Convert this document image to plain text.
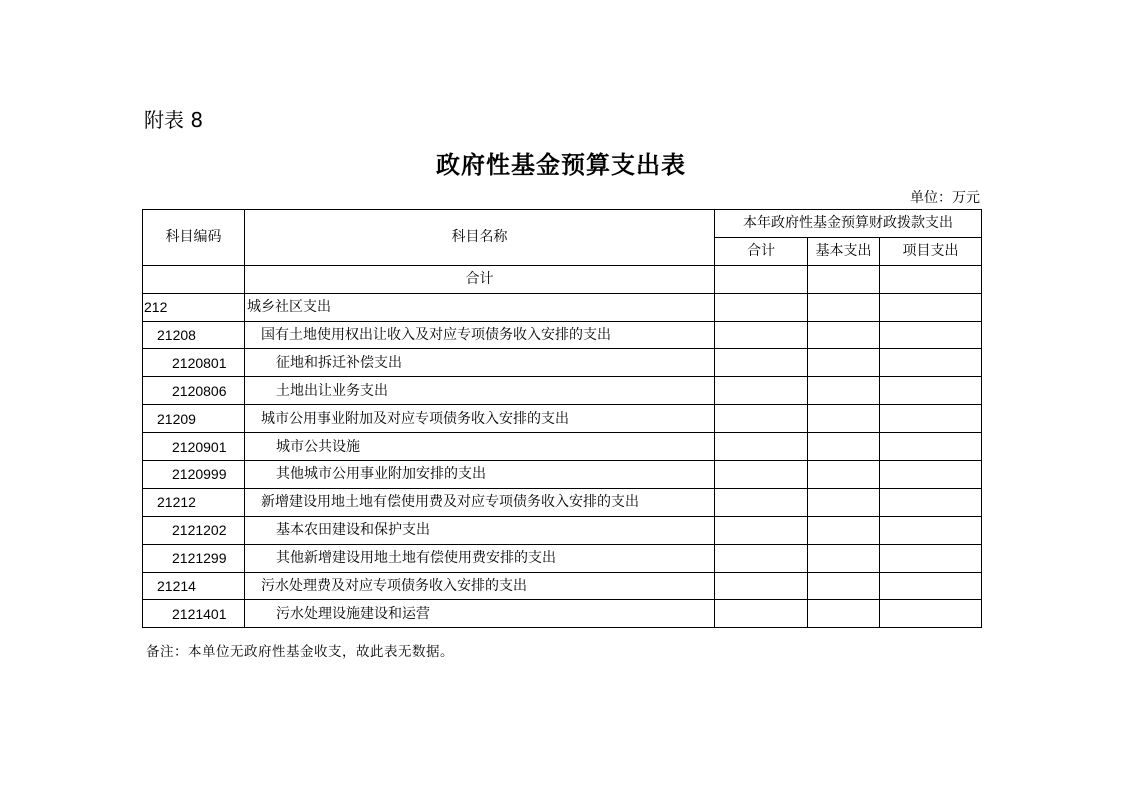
附表 8
政府性基金预算支出表
单位：万元
科目编码	科目名称	本年政府性基金预算财政拨款支出		
		合计	基本支出	项目支出
	合计			
212	城乡社区支出			
21208	国有土地使用权出让收入及对应专项债务收入安排的支出			
2120801	征地和拆迁补偿支出			
2120806	土地出让业务支出			
21209	城市公用事业附加及对应专项债务收入安排的支出			
2120901	城市公共设施			
2120999	其他城市公用事业附加安排的支出			
21212	新增建设用地土地有偿使用费及对应专项债务收入安排的支出			
2121202	基本农田建设和保护支出			
2121299	其他新增建设用地土地有偿使用费安排的支出			
21214	污水处理费及对应专项债务收入安排的支出			
2121401	污水处理设施建设和运营			
备注：本单位无政府性基金收支，故此表无数据。
